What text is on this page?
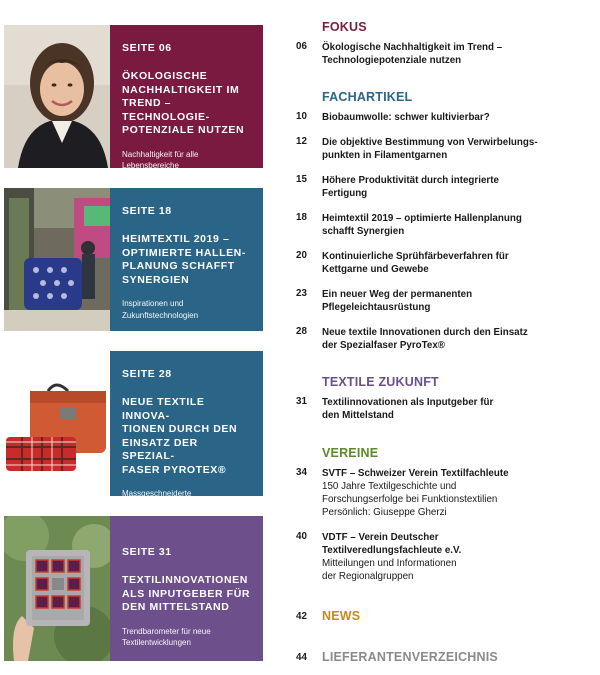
SEITE 06
ÖKOLOGISCHE
NACHHALTIGKEIT IM
TREND – TECHNOLOGIE-
POTENZIALE NUTZEN
Nachhaltigkeit für alle
Lebensbereiche
SEITE 18
HEIMTEXTIL 2019 –
OPTIMIERTE HALLEN-
PLANUNG SCHAFFT
SYNERGIEN
Inspirationen und
Zukunftstechnologien
SEITE 28
NEUE TEXTILE INNOVA-
TIONEN DURCH DEN
EINSATZ DER SPEZIAL-
FASER PYROTEX®
Massgeschneiderte
High-Tech-Fasern
SEITE 31
TEXTILINNOVATIONEN
ALS INPUTGEBER FÜR
DEN MITTELSTAND
Trendbarometer für neue
Textilentwicklungen
FOKUS
06	Ökologische Nachhaltigkeit im Trend –
Technologiepotenziale nutzen
FACHARTIKEL
10	Biobaumwolle: schwer kultivierbar?
12	Die objektive Bestimmung von Verwirbelungs-
punkten in Filamentgarnen
15	Höhere Produktivität durch integrierte
Fertigung
18	Heimtextil 2019 – optimierte Hallenplanung
schafft Synergien
20	Kontinuierliche Sprühfärbeverfahren für
Kettgarne und Gewebe
23	Ein neuer Weg der permanenten
Pflegeleichtausrüstung
28	Neue textile Innovationen durch den Einsatz
der Spezialfaser PyroTex®
TEXTILE ZUKUNFT
31	Textilinnovationen als Inputgeber für
den Mittelstand
VEREINE
34	SVTF – Schweizer Verein Textilfachleute
150 Jahre Textilgeschichte und
Forschungserfolge bei Funktionstextilien
Persönlich: Giuseppe Gherzi
40	VDTF – Verein Deutscher
Textilveredlungsfachleute e.V.
Mitteilungen und Informationen
der Regionalgruppen
42	NEWS
44	LIEFERANTENVERZEICHNIS
